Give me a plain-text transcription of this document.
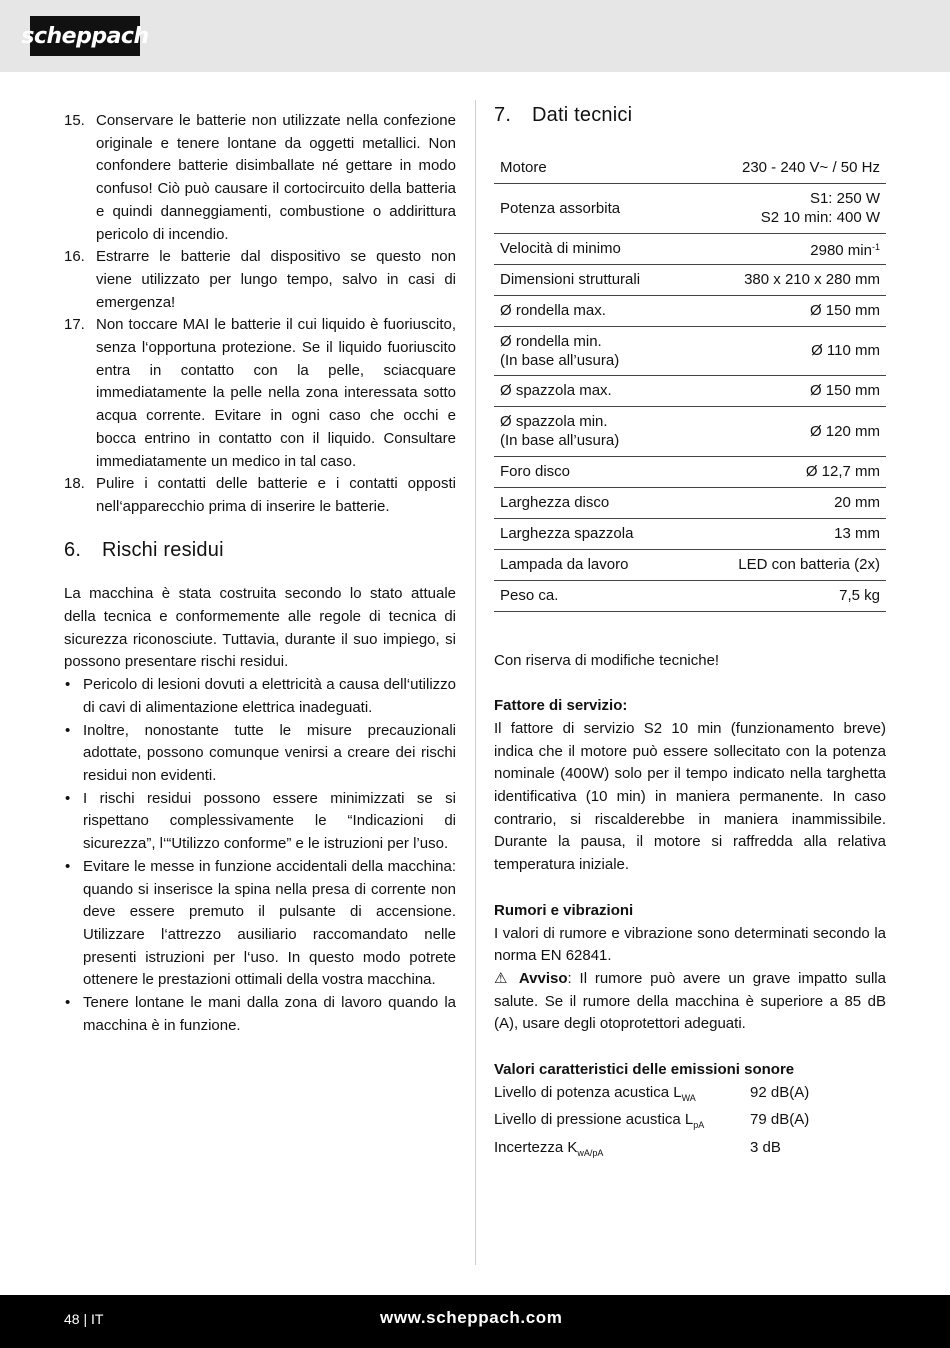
scheppach
15. Conservare le batterie non utilizzate nella confezione originale e tenere lontane da oggetti metallici. Non confondere batterie disimballate né gettare in modo confuso! Ciò può causare il cortocircuito della batteria e quindi danneggiamenti, combustione o addirittura pericolo di incendio.
16. Estrarre le batterie dal dispositivo se questo non viene utilizzato per lungo tempo, salvo in casi di emergenza!
17. Non toccare MAI le batterie il cui liquido è fuoriuscito, senza l‘opportuna protezione. Se il liquido fuoriuscito entra in contatto con la pelle, sciacquare immediatamente la pelle nella zona interessata sotto acqua corrente. Evitare in ogni caso che occhi e bocca entrino in contatto con il liquido. Consultare immediatamente un medico in tal caso.
18. Pulire i contatti delle batterie e i contatti opposti nell‘apparecchio prima di inserire le batterie.
6.	Rischi residui

La macchina è stata costruita secondo lo stato attuale della tecnica e conformemente alle regole di tecnica di sicurezza riconosciute. Tuttavia, durante il suo impiego, si possono presentare rischi residui.

• Pericolo di lesioni dovuti a elettricità a causa dell‘utilizzo di cavi di alimentazione elettrica inadeguati.
• Inoltre, nonostante tutte le misure precauzionali adottate, possono comunque venirsi a creare dei rischi residui non evidenti.
• I rischi residui possono essere minimizzati se si rispettano complessivamente le “Indicazioni di sicurezza”, l‘“Utilizzo conforme” e le istruzioni per l’uso.
• Evitare le messe in funzione accidentali della macchina: quando si inserisce la spina nella presa di corrente non deve essere premuto il pulsante di accensione. Utilizzare l‘attrezzo ausiliario raccomandato nelle presenti istruzioni per l‘uso. In questo modo potrete ottenere le prestazioni ottimali della vostra macchina.
• Tenere lontane le mani dalla zona di lavoro quando la macchina è in funzione.
7.	Dati tecnici
Motore	230 - 240 V~ / 50 Hz
Potenza assorbita	S1: 250 W
S2 10 min: 400 W
Velocità di minimo	2980 $\min^{-1}$
Dimensioni strutturali	380 x 210 x 280 mm
Ø rondella max.	Ø 150 mm
Ø rondella min.
(In base all’usura)	Ø 110 mm
Ø spazzola max.	Ø 150 mm
Ø spazzola min.
(In base all’usura)	Ø 120 mm
Foro disco	Ø 12,7 mm
Larghezza disco	20 mm
Larghezza spazzola	13 mm
Lampada da lavoro	LED con batteria (2x)
Peso ca.	7,5 kg

Con riserva di modifiche tecniche!

Fattore di servizio:

Il fattore di servizio S2 10 min (funzionamento breve) indica che il motore può essere sollecitato con la potenza nominale (400W) solo per il tempo indicato nella targhetta identificativa (10 min) in maniera permanente. In caso contrario, si riscalderebbe in maniera inammissibile. Durante la pausa, il motore si raffredda alla relativa temperatura iniziale.

Rumori e vibrazioni

I valori di rumore e vibrazione sono determinati secondo la norma EN 62841.

⚠ Avviso: Il rumore può avere un grave impatto sulla salute. Se il rumore della macchina è superiore a 85 dB (A), usare degli otoprotettori adeguati.

Valori caratteristici delle emissioni sonore

Livello di potenza acustica $L_{WA}$	92 dB(A)
Livello di pressione acustica $L_{pA}$	79 dB(A)
Incertezza $K_{wA/pA}$	3 dB
48 | IT	www.scheppach.com
